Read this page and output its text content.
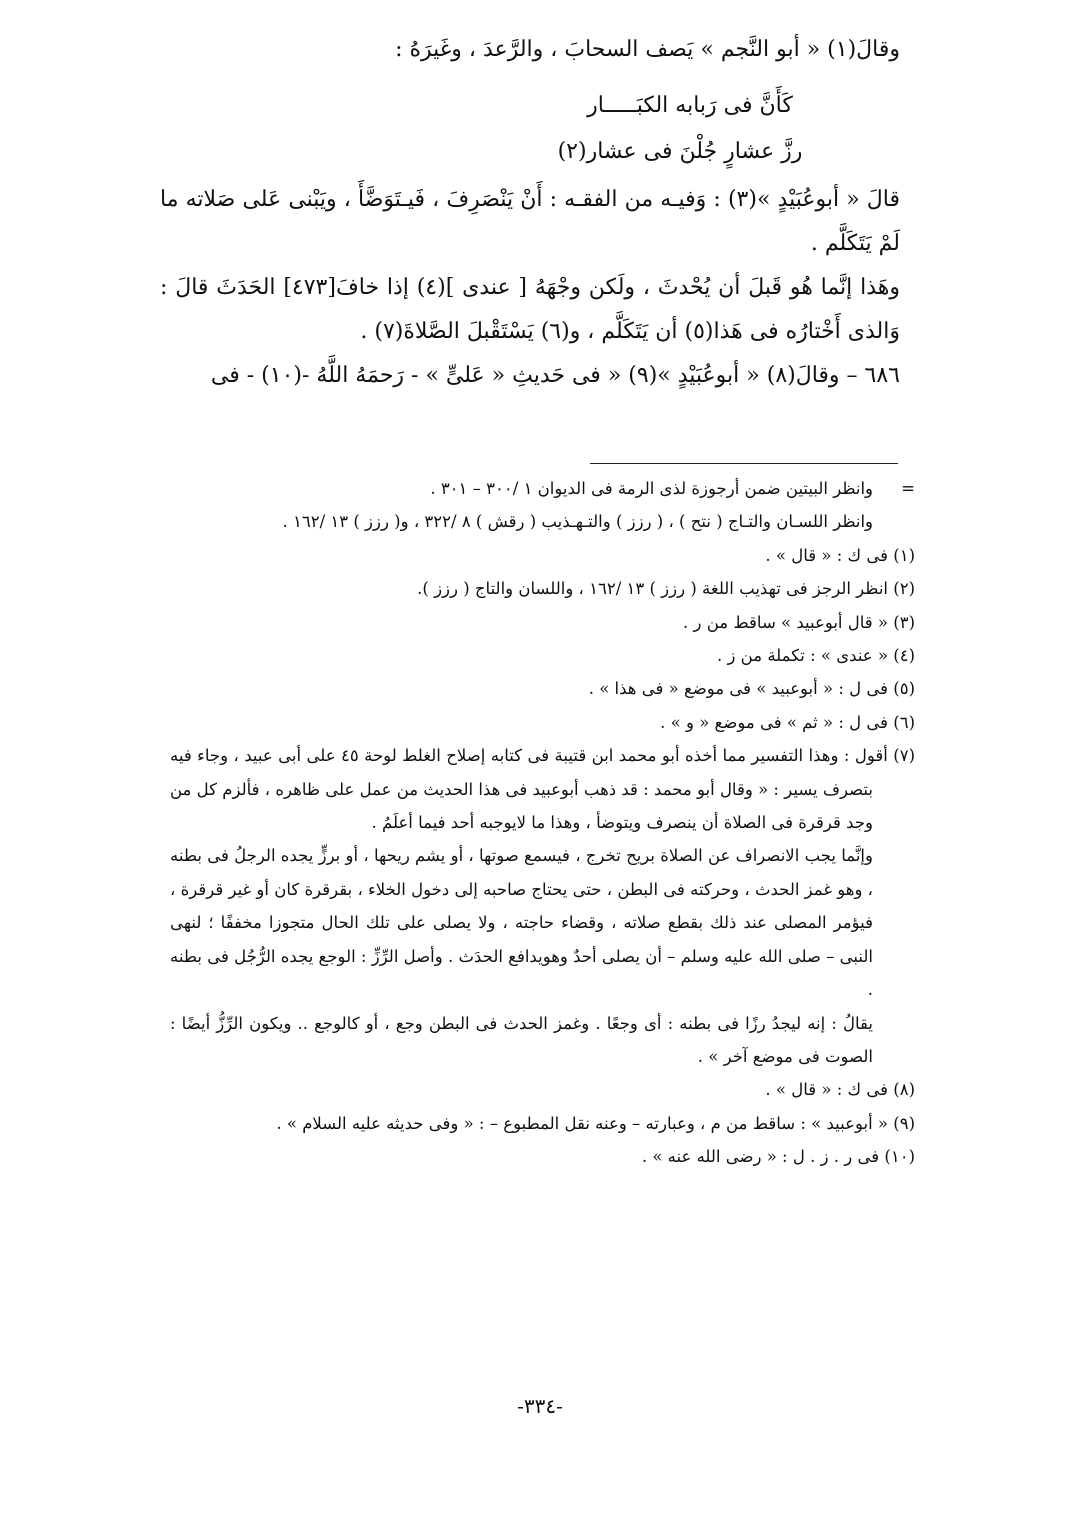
وقالَ(١) « أبو النَّجم » يَصف السحابَ ، والرَّعدَ ، وغَيرَهُ :

كَأَنَّ فى رَبابه الكبَـــــار
رزَّ عشارٍ جُلْنَ فى عشار(٢)

قالَ « أبوعُبَيْدٍ »(٣) : وَفيـه من الفقـه : أَنْ يَنْصَرِفَ ، فَيـتَوَضَّأَ ، ويَبْنى عَلى صَلاته ما لَمْ يَتَكَلَّم .

وهَذا إنَّما هُو قَبلَ أن يُحْدثَ ، ولَكن وجْهَهُ [ عندى ](٤) إذا خافَ[٤٧٣] الحَدَثَ قالَ : وَالذى أَخْتارُه فى هَذا(٥) أن يَتَكَلَّم ، و(٦) يَسْتَقْبلَ الصَّلاةَ(٧) .

٦٨٦ – وقالَ(٨) « أبوعُبَيْدٍ »(٩) « فى حَديثِ « عَلىٍّ » - رَحمَهُ اللَّهُ -(١٠) - فى

=
وانظر البيتين ضمن أرجوزة لذى الرمة فى الديوان ١ /٣٠٠ – ٣٠١ .

وانظر اللسـان والتـاج ( نتح ) ، ( رزز ) والتـهـذيب ( رقش ) ٨ /٣٢٢ ، و( رزز ) ١٣ /١٦٢ .

(١) فى ك : « قال » .

(٢) انظر الرجز فى تهذيب اللغة ( رزز ) ١٣ /١٦٢ ، واللسان والتاج ( رزز ).

(٣) « قال أبوعبيد » ساقط من ر .

(٤) « عندى » : تكملة من ز .

(٥) فى ل : « أبوعبيد » فى موضع « فى هذا » .

(٦) فى ل : « ثم » فى موضع « و » .

(٧) أقول : وهذا التفسير مما أخذه أبو محمد ابن قتيبة فى كتابه إصلاح الغلط لوحة ٤٥ على أبى عبيد ، وجاء فيه بتصرف يسير : « وقال أبو محمد : قد ذهب أبوعبيد فى هذا الحديث من عمل على ظاهره ، فألزم كل من وجد قرقرة فى الصلاة أن ينصرف ويتوضأ ، وهذا ما لايوجبه أحد فيما أعلَمُ .

وإنَّما يجب الانصراف عن الصلاة بريح تخرج ، فيسمع صوتها ، أو يشم ريحها ، أو برزٍّ يجده الرجلُ فى بطنه ، وهو غمز الحدث ، وحركته فى البطن ، حتى يحتاج صاحبه إلى دخول الخلاء ، بقرقرة كان أو غير قرقرة ، فيؤمر المصلى عند ذلك بقطع صلاته ، وقضاء حاجته ، ولا يصلى على تلك الحال متجوزا مخففًا ؛ لنهى النبى – صلى الله عليه وسلم – أن يصلى أحدٌ وهويدافع الحدَث . وأصل الرِّزِّ : الوجع يجده الرُّجُل فى بطنه .

يقالُ : إنه ليجدُ رزًا فى بطنه : أى وجعًا . وغمز الحدث فى البطن وجع ، أو كالوجع .. ويكون الرِّزُّ أيضًا : الصوت فى موضع آخر » .

(٨) فى ك : « قال » .

(٩) « أبوعبيد » : ساقط من م ، وعبارته – وعنه نقل المطبوع – : « وفى حديثه عليه السلام » .

(١٠) فى ر . ز . ل : « رضى الله عنه » .

-٣٣٤-
